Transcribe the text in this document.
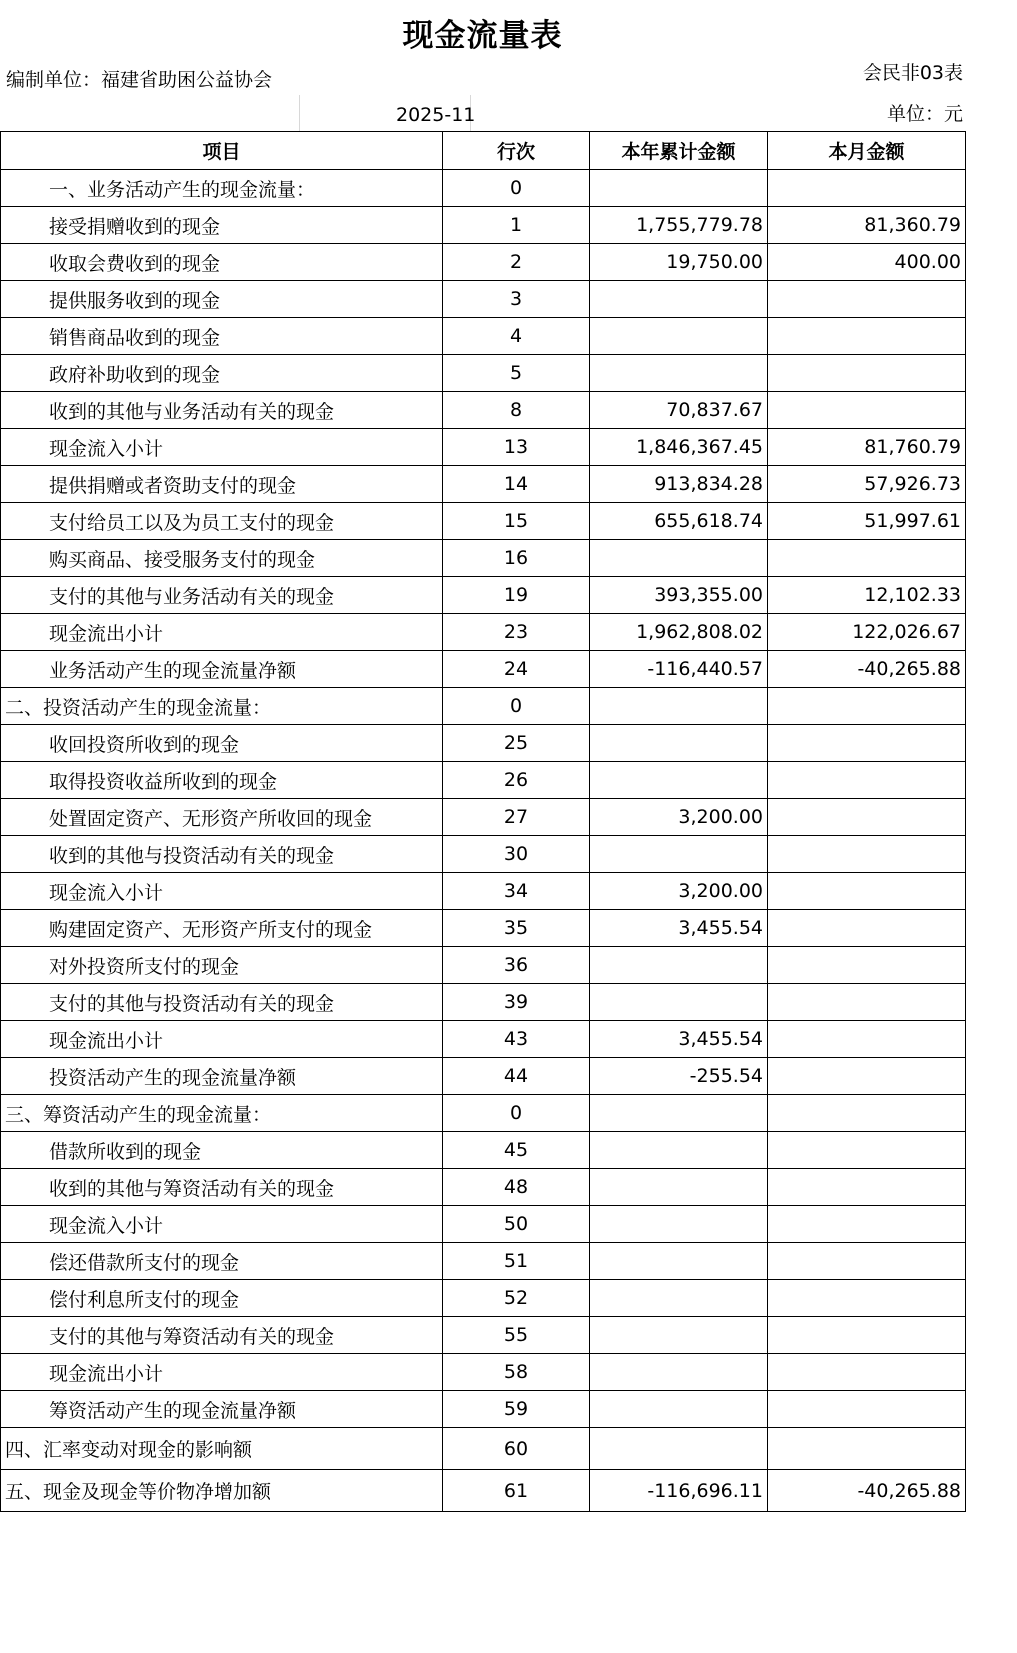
现金流量表
编制单位：福建省助困公益协会	会民非03表
2025-11	单位：元
项目	行次	本年累计金额	本月金额
一、业务活动产生的现金流量：	0		
接受捐赠收到的现金	1	1,755,779.78	81,360.79
收取会费收到的现金	2	19,750.00	400.00
提供服务收到的现金	3		
销售商品收到的现金	4		
政府补助收到的现金	5		
收到的其他与业务活动有关的现金	8	70,837.67	
现金流入小计	13	1,846,367.45	81,760.79
提供捐赠或者资助支付的现金	14	913,834.28	57,926.73
支付给员工以及为员工支付的现金	15	655,618.74	51,997.61
购买商品、接受服务支付的现金	16		
支付的其他与业务活动有关的现金	19	393,355.00	12,102.33
现金流出小计	23	1,962,808.02	122,026.67
业务活动产生的现金流量净额	24	-116,440.57	-40,265.88
二、投资活动产生的现金流量：	0		
收回投资所收到的现金	25		
取得投资收益所收到的现金	26		
处置固定资产、无形资产所收回的现金	27	3,200.00	
收到的其他与投资活动有关的现金	30		
现金流入小计	34	3,200.00	
购建固定资产、无形资产所支付的现金	35	3,455.54	
对外投资所支付的现金	36		
支付的其他与投资活动有关的现金	39		
现金流出小计	43	3,455.54	
投资活动产生的现金流量净额	44	-255.54	
三、筹资活动产生的现金流量：	0		
借款所收到的现金	45		
收到的其他与筹资活动有关的现金	48		
现金流入小计	50		
偿还借款所支付的现金	51		
偿付利息所支付的现金	52		
支付的其他与筹资活动有关的现金	55		
现金流出小计	58		
筹资活动产生的现金流量净额	59		
四、汇率变动对现金的影响额	60		
五、现金及现金等价物净增加额	61	-116,696.11	-40,265.88
